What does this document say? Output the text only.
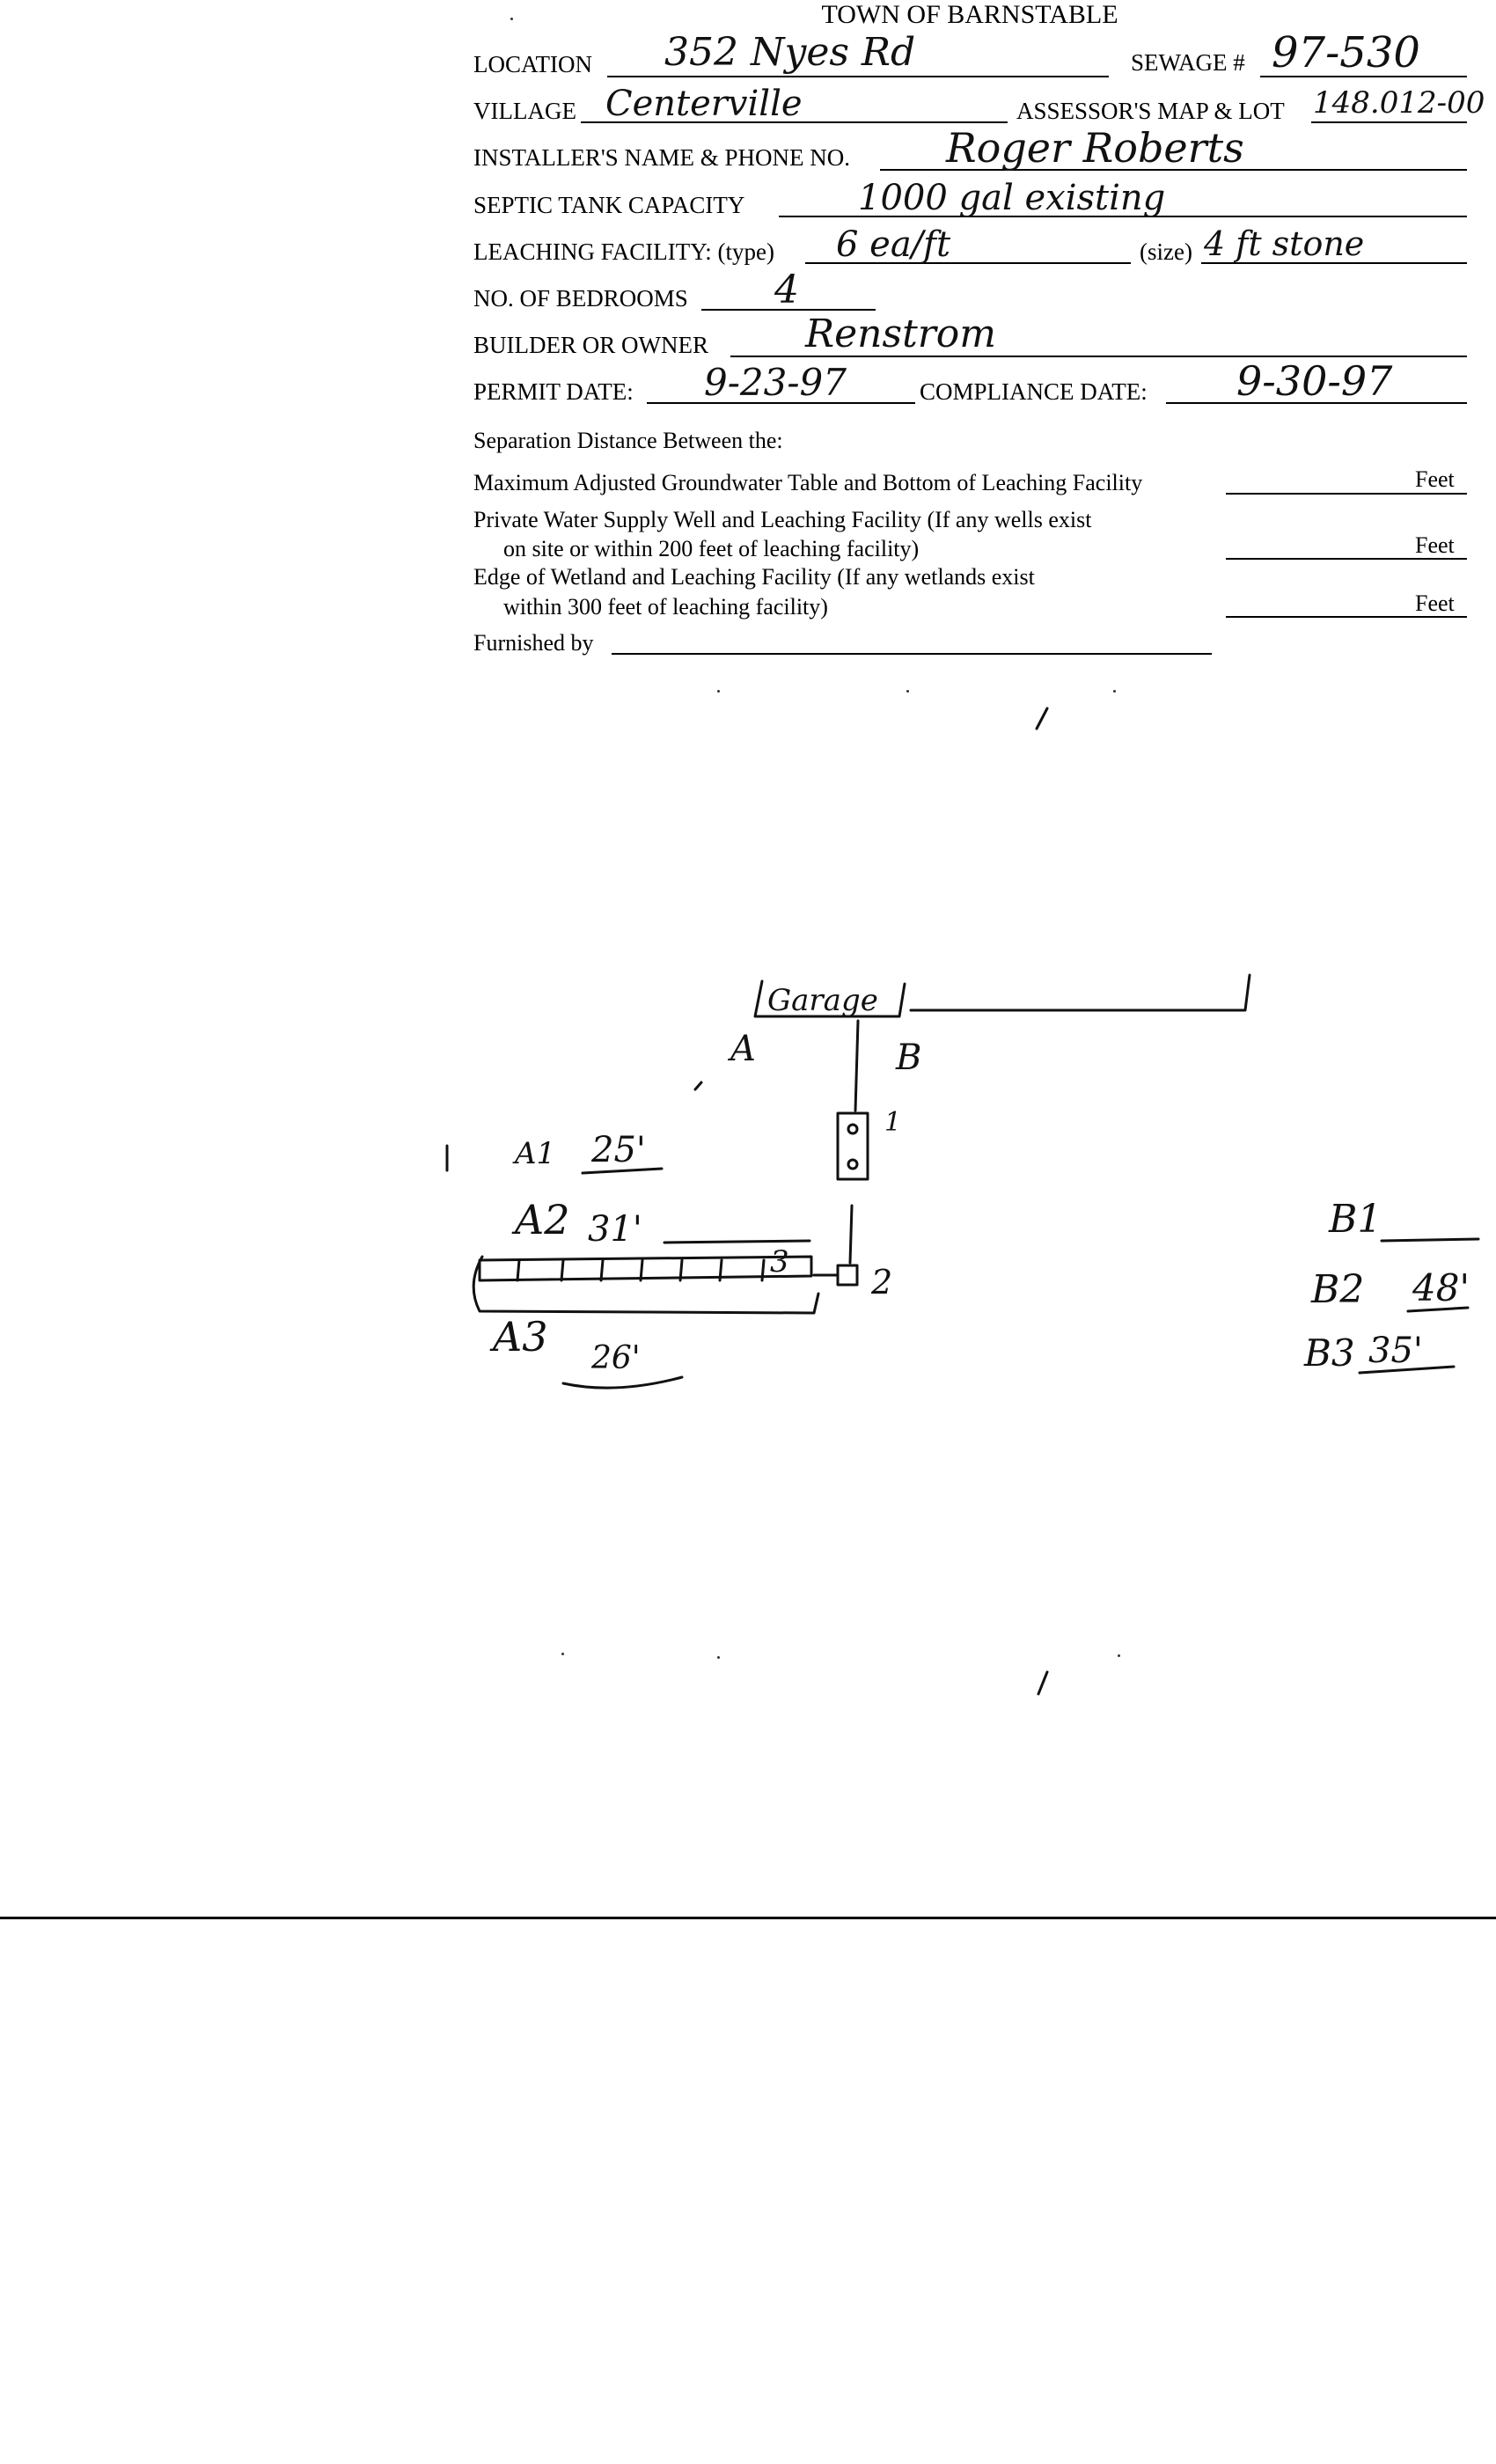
TOWN OF BARNSTABLE
LOCATION 352 Nyes Rd	SEWAGE # 97-530
VILLAGE Centerville	ASSESSOR'S MAP & LOT 148.012-00
INSTALLER'S NAME & PHONE NO. Roger Roberts
SEPTIC TANK CAPACITY	1000 gal existing
LEACHING FACILITY: (type) 6 ea/ft	(size) 4 ft stone
NO. OF BEDROOMS 4
BUILDER OR OWNER	Renstrom
PERMIT DATE: 9-23-97	COMPLIANCE DATE: 9-30-97
Separation Distance Between the:
Maximum Adjusted Groundwater Table and Bottom of Leaching Facility	Feet
Private Water Supply Well and Leaching Facility (If any wells exist
on site or within 200 feet of leaching facility)	Feet
Edge of Wetland and Leaching Facility (If any wetlands exist
within 300 feet of leaching facility)	Feet
Furnished by
Garage
A	B
1
2
3
A1 25'
A2 31'
A3 26'
B1
B2 48'
B3 35'
